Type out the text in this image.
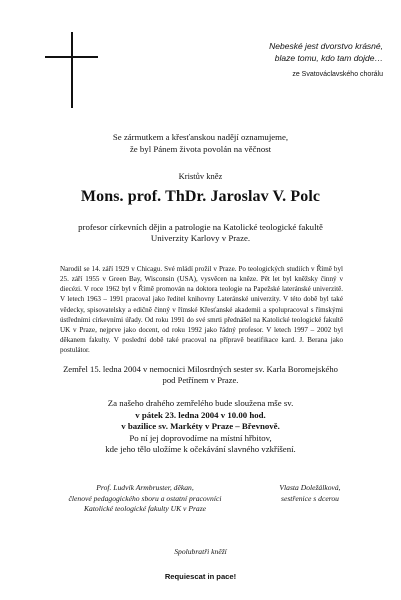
Nebeské jest dvorstvo krásné,
blaze tomu, kdo tam dojde…
ze Svatováclavského chorálu
Se zármutkem a křesťanskou nadějí oznamujeme,
že byl Pánem života povolán na věčnost
Kristův kněz
Mons. prof. ThDr. Jaroslav V. Polc
profesor církevních dějin a patrologie na Katolické teologické fakultě
Univerzity Karlovy v Praze.
Narodil se 14. září 1929 v Chicagu. Své mládí prožil v Praze. Po teologických studiích v Římě byl 25. září 1955 v Green Bay, Wisconsin (USA), vysvěcen na kněze. Pět let byl kněžsky činný v diecézi. V roce 1962 byl v Římě promován na doktora teologie na Papežské lateránské univerzitě. V letech 1963 – 1991 pracoval jako ředitel knihovny Lateránské univerzity. V této době byl také vědecky, spisovatelsky a edičně činný v římské Křesťanské akademii a spolupracoval s římskými ústředními církevními úřady. Od roku 1991 do své smrti přednášel na Katolické teologické fakultě UK v Praze, nejprve jako docent, od roku 1992 jako řádný profesor. V letech 1997 – 2002 byl děkanem fakulty. V poslední době také pracoval na přípravě beatifikace kard. J. Berana jako postulátor.
Zemřel 15. ledna 2004 v nemocnici Milosrdných sester sv. Karla Boromejského
pod Petřínem v Praze.
Za našeho drahého zemřelého bude sloužena mše sv.
v pátek 23. ledna 2004 v 10.00 hod.
v bazilice sv. Markéty v Praze – Břevnově.
Po ní jej doprovodíme na místní hřbitov,
kde jeho tělo uložíme k očekávání slavného vzkříšení.
Prof. Ludvík Armbruster, děkan,
členové pedagogického sboru a ostatní pracovníci
Katolické teologické fakulty UK v Praze
Vlasta Doležálková,
sestřenice s dcerou
Spolubratři kněží
Requiescat in pace!
